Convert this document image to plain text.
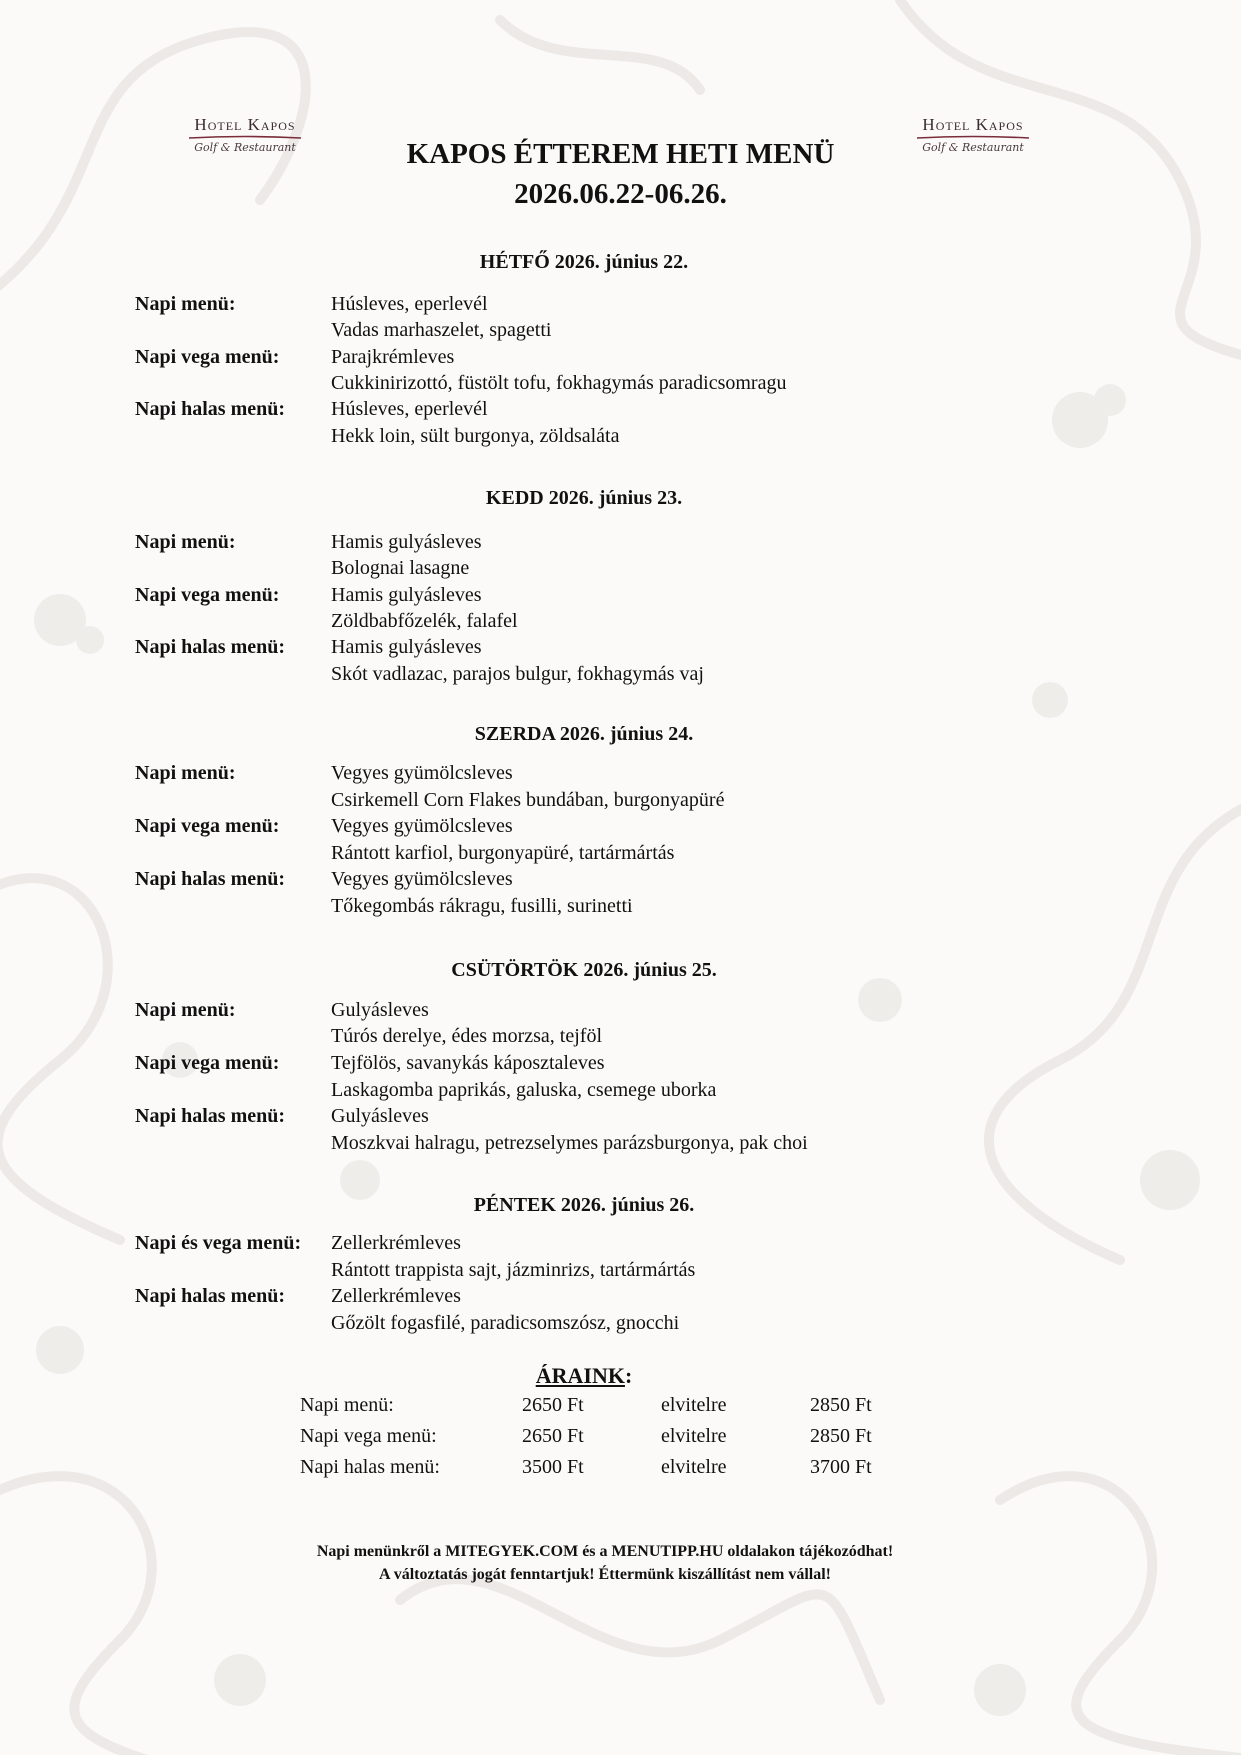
Hotel Kapos
Golf & Restaurant
Hotel Kapos
Golf & Restaurant
KAPOS ÉTTEREM HETI MENÜ
2026.06.22-06.26.
HÉTFŐ 2026. június 22.
Napi menü:	Húsleves, eperlevél
Vadas marhaszelet, spagetti
Napi vega menü:	Parajkrémleves
Cukkinirizottó, füstölt tofu, fokhagymás paradicsomragu
Napi halas menü: Húsleves, eperlevél
Hekk loin, sült burgonya, zöldsaláta
KEDD 2026. június 23.
Napi menü:	Hamis gulyásleves
Bolognai lasagne
Napi vega menü:	Hamis gulyásleves
Zöldbabfőzelék, falafel
Napi halas menü: Hamis gulyásleves
Skót vadlazac, parajos bulgur, fokhagymás vaj
SZERDA 2026. június 24.
Napi menü:	Vegyes gyümölcsleves
Csirkemell Corn Flakes bundában, burgonyapüré
Napi vega menü:	Vegyes gyümölcsleves
Rántott karfiol, burgonyapüré, tartármártás
Napi halas menü: Vegyes gyümölcsleves
Tőkegombás rákragu, fusilli, surinetti
CSÜTÖRTÖK 2026. június 25.
Napi menü:	Gulyásleves
Túrós derelye, édes morzsa, tejföl
Napi vega menü:	Tejfölös, savanykás káposztaleves
Laskagomba paprikás, galuska, csemege uborka
Napi halas menü: Gulyásleves
Moszkvai halragu, petrezselymes parázsburgonya, pak choi
PÉNTEK 2026. június 26.
Napi és vega menü: Zellerkrémleves
Rántott trappista sajt, jázminrizs, tartármártás
Napi halas menü: Zellerkrémleves
Gőzölt fogasfilé, paradicsomszósz, gnocchi
ÁRAINK:
Napi menü:	2650 Ft	elvitelre	2850 Ft
Napi vega menü:	2650 Ft	elvitelre	2850 Ft
Napi halas menü:	3500 Ft	elvitelre	3700 Ft
Napi menünkről a MITEGYEK.COM és a MENUTIPP.HU oldalakon tájékozódhat!
A változtatás jogát fenntartjuk! Éttermünk kiszállítást nem vállal!
